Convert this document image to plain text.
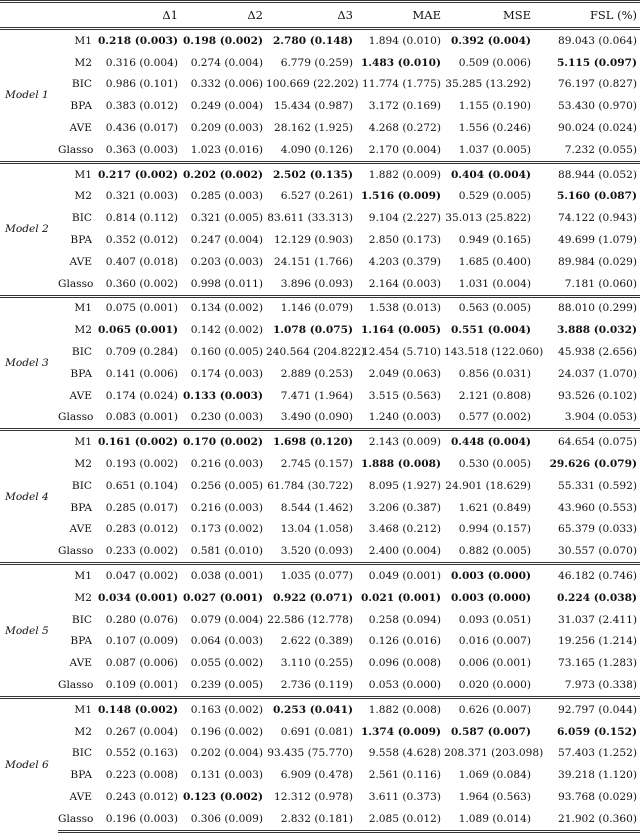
		Δ1	Δ2	Δ3	MAE	MSE	FSL (%)
Model 1	M1	0.218 (0.003)	0.198 (0.002)	2.780 (0.148)	1.894 (0.010)	0.392 (0.004)	89.043 (0.064)
	M2	0.316 (0.004)	0.274 (0.004)	6.779 (0.259)	1.483 (0.010)	0.509 (0.006)	5.115 (0.097)
	BIC	0.986 (0.101)	0.332 (0.006)	100.669 (22.202)	11.774 (1.775)	35.285 (13.292)	76.197 (0.827)
	BPA	0.383 (0.012)	0.249 (0.004)	15.434 (0.987)	3.172 (0.169)	1.155 (0.190)	53.430 (0.970)
	AVE	0.436 (0.017)	0.209 (0.003)	28.162 (1.925)	4.268 (0.272)	1.556 (0.246)	90.024 (0.024)
	Glasso	0.363 (0.003)	1.023 (0.016)	4.090 (0.126)	2.170 (0.004)	1.037 (0.005)	7.232 (0.055)
Model 2	M1	0.217 (0.002)	0.202 (0.002)	2.502 (0.135)	1.882 (0.009)	0.404 (0.004)	88.944 (0.052)
	M2	0.321 (0.003)	0.285 (0.003)	6.527 (0.261)	1.516 (0.009)	0.529 (0.005)	5.160 (0.087)
	BIC	0.814 (0.112)	0.321 (0.005)	83.611 (33.313)	9.104 (2.227)	35.013 (25.822)	74.122 (0.943)
	BPA	0.352 (0.012)	0.247 (0.004)	12.129 (0.903)	2.850 (0.173)	0.949 (0.165)	49.699 (1.079)
	AVE	0.407 (0.018)	0.203 (0.003)	24.151 (1.766)	4.203 (0.379)	1.685 (0.400)	89.984 (0.029)
	Glasso	0.360 (0.002)	0.998 (0.011)	3.896 (0.093)	2.164 (0.003)	1.031 (0.004)	7.181 (0.060)
Model 3	M1	0.075 (0.001)	0.134 (0.002)	1.146 (0.079)	1.538 (0.013)	0.563 (0.005)	88.010 (0.299)
	M2	0.065 (0.001)	0.142 (0.002)	1.078 (0.075)	1.164 (0.005)	0.551 (0.004)	3.888 (0.032)
	BIC	0.709 (0.284)	0.160 (0.005)	240.564 (204.822)	12.454 (5.710)	143.518 (122.060)	45.938 (2.656)
	BPA	0.141 (0.006)	0.174 (0.003)	2.889 (0.253)	2.049 (0.063)	0.856 (0.031)	24.037 (1.070)
	AVE	0.174 (0.024)	0.133 (0.003)	7.471 (1.964)	3.515 (0.563)	2.121 (0.808)	93.526 (0.102)
	Glasso	0.083 (0.001)	0.230 (0.003)	3.490 (0.090)	1.240 (0.003)	0.577 (0.002)	3.904 (0.053)
Model 4	M1	0.161 (0.002)	0.170 (0.002)	1.698 (0.120)	2.143 (0.009)	0.448 (0.004)	64.654 (0.075)
	M2	0.193 (0.002)	0.216 (0.003)	2.745 (0.157)	1.888 (0.008)	0.530 (0.005)	29.626 (0.079)
	BIC	0.651 (0.104)	0.256 (0.005)	61.784 (30.722)	8.095 (1.927)	24.901 (18.629)	55.331 (0.592)
	BPA	0.285 (0.017)	0.216 (0.003)	8.544 (1.462)	3.206 (0.387)	1.621 (0.849)	43.960 (0.553)
	AVE	0.283 (0.012)	0.173 (0.002)	13.04 (1.058)	3.468 (0.212)	0.994 (0.157)	65.379 (0.033)
	Glasso	0.233 (0.002)	0.581 (0.010)	3.520 (0.093)	2.400 (0.004)	0.882 (0.005)	30.557 (0.070)
Model 5	M1	0.047 (0.002)	0.038 (0.001)	1.035 (0.077)	0.049 (0.001)	0.003 (0.000)	46.182 (0.746)
	M2	0.034 (0.001)	0.027 (0.001)	0.922 (0.071)	0.021 (0.001)	0.003 (0.000)	0.224 (0.038)
	BIC	0.280 (0.076)	0.079 (0.004)	22.586 (12.778)	0.258 (0.094)	0.093 (0.051)	31.037 (2.411)
	BPA	0.107 (0.009)	0.064 (0.003)	2.622 (0.389)	0.126 (0.016)	0.016 (0.007)	19.256 (1.214)
	AVE	0.087 (0.006)	0.055 (0.002)	3.110 (0.255)	0.096 (0.008)	0.006 (0.001)	73.165 (1.283)
	Glasso	0.109 (0.001)	0.239 (0.005)	2.736 (0.119)	0.053 (0.000)	0.020 (0.000)	7.973 (0.338)
Model 6	M1	0.148 (0.002)	0.163 (0.002)	0.253 (0.041)	1.882 (0.008)	0.626 (0.007)	92.797 (0.044)
	M2	0.267 (0.004)	0.196 (0.002)	0.691 (0.081)	1.374 (0.009)	0.587 (0.007)	6.059 (0.152)
	BIC	0.552 (0.163)	0.202 (0.004)	93.435 (75.770)	9.558 (4.628)	208.371 (203.098)	57.403 (1.252)
	BPA	0.223 (0.008)	0.131 (0.003)	6.909 (0.478)	2.561 (0.116)	1.069 (0.084)	39.218 (1.120)
	AVE	0.243 (0.012)	0.123 (0.002)	12.312 (0.978)	3.611 (0.373)	1.964 (0.563)	93.768 (0.029)
	Glasso	0.196 (0.003)	0.306 (0.009)	2.832 (0.181)	2.085 (0.012)	1.089 (0.014)	21.902 (0.360)
